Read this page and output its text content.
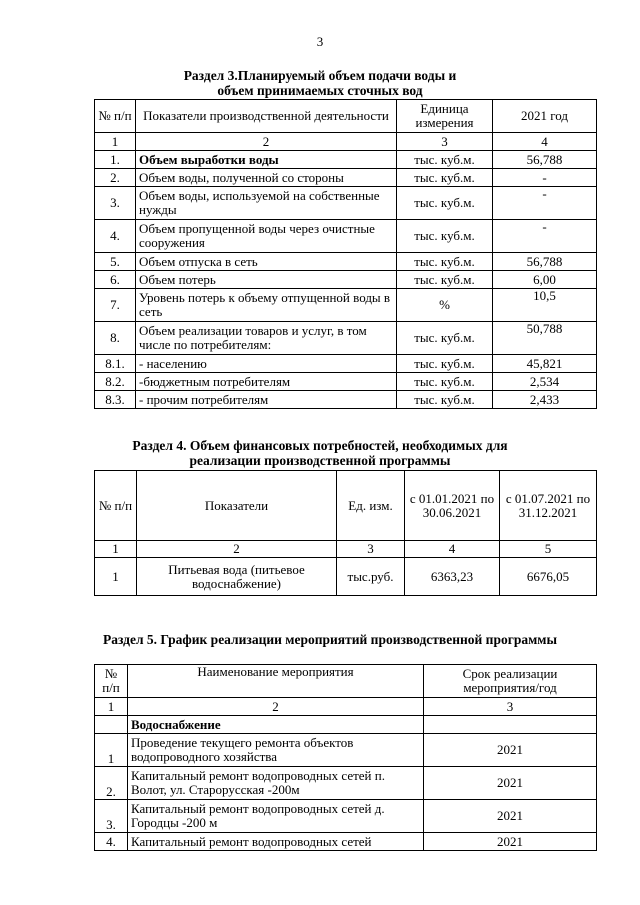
3
Раздел 3.Планируемый объем подачи воды и
объем принимаемых сточных вод
№ п/п	Показатели производственной деятельности	Единица измерения	2021 год
1	2	3	4
1.	Объем выработки воды	тыс. куб.м.	56,788
2.	Объем воды, полученной со стороны	тыс. куб.м.	-
3.	Объем воды, используемой на собственные нужды	тыс. куб.м.	-
4.	Объем пропущенной воды через очистные сооружения	тыс. куб.м.	-
5.	Объем отпуска в сеть	тыс. куб.м.	56,788
6.	Объем потерь	тыс. куб.м.	6,00
7.	Уровень потерь к объему отпущенной воды в сеть	%	10,5
8.	Объем реализации товаров и услуг, в том числе по потребителям:	тыс. куб.м.	50,788
8.1.	- населению	тыс. куб.м.	45,821
8.2.	-бюджетным потребителям	тыс. куб.м.	2,534
8.3.	- прочим потребителям	тыс. куб.м.	2,433
Раздел 4. Объем финансовых потребностей, необходимых для
реализации производственной программы
№ п/п	Показатели	Ед. изм.	с 01.01.2021 по 30.06.2021	с 01.07.2021 по 31.12.2021
1	2	3	4	5
1	Питьевая вода (питьевое водоснабжение)	тыс.руб.	6363,23	6676,05
Раздел 5. График реализации мероприятий производственной программы
№ п/п	Наименование мероприятия	Срок реализации мероприятия/год
1	2	3
	Водоснабжение	
1	Проведение текущего ремонта объектов водопроводного хозяйства	2021
2.	Капитальный ремонт водопроводных сетей п. Волот, ул. Старорусская -200м	2021
3.	Капитальный ремонт водопроводных сетей д. Городцы -200 м	2021
4.	Капитальный ремонт водопроводных сетей	2021
